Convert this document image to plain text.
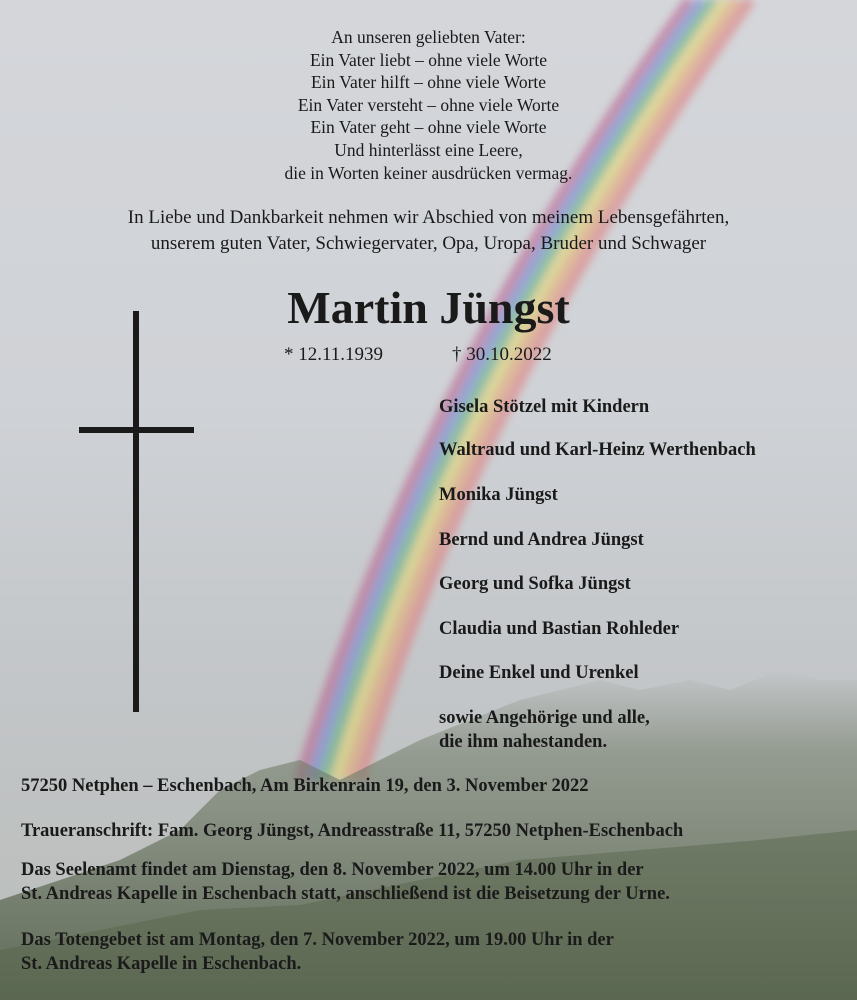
An unseren geliebten Vater:
Ein Vater liebt – ohne viele Worte
Ein Vater hilft – ohne viele Worte
Ein Vater versteht – ohne viele Worte
Ein Vater geht – ohne viele Worte
Und hinterlässt eine Leere,
die in Worten keiner ausdrücken vermag.
In Liebe und Dankbarkeit nehmen wir Abschied von meinem Lebensgefährten,
unserem guten Vater, Schwiegervater, Opa, Uropa, Bruder und Schwager
Martin Jüngst
* 12.11.1939	† 30.10.2022
Gisela Stötzel mit Kindern
Waltraud und Karl-Heinz Werthenbach
Monika Jüngst
Bernd und Andrea Jüngst
Georg und Sofka Jüngst
Claudia und Bastian Rohleder
Deine Enkel und Urenkel
sowie Angehörige und alle,
die ihm nahestanden.
57250 Netphen – Eschenbach, Am Birkenrain 19, den 3. November 2022
Traueranschrift: Fam. Georg Jüngst, Andreasstraße 11, 57250 Netphen-Eschenbach
Das Seelenamt findet am Dienstag, den 8. November 2022, um 14.00 Uhr in der
St. Andreas Kapelle in Eschenbach statt, anschließend ist die Beisetzung der Urne.
Das Totengebet ist am Montag, den 7. November 2022, um 19.00 Uhr in der
St. Andreas Kapelle in Eschenbach.
